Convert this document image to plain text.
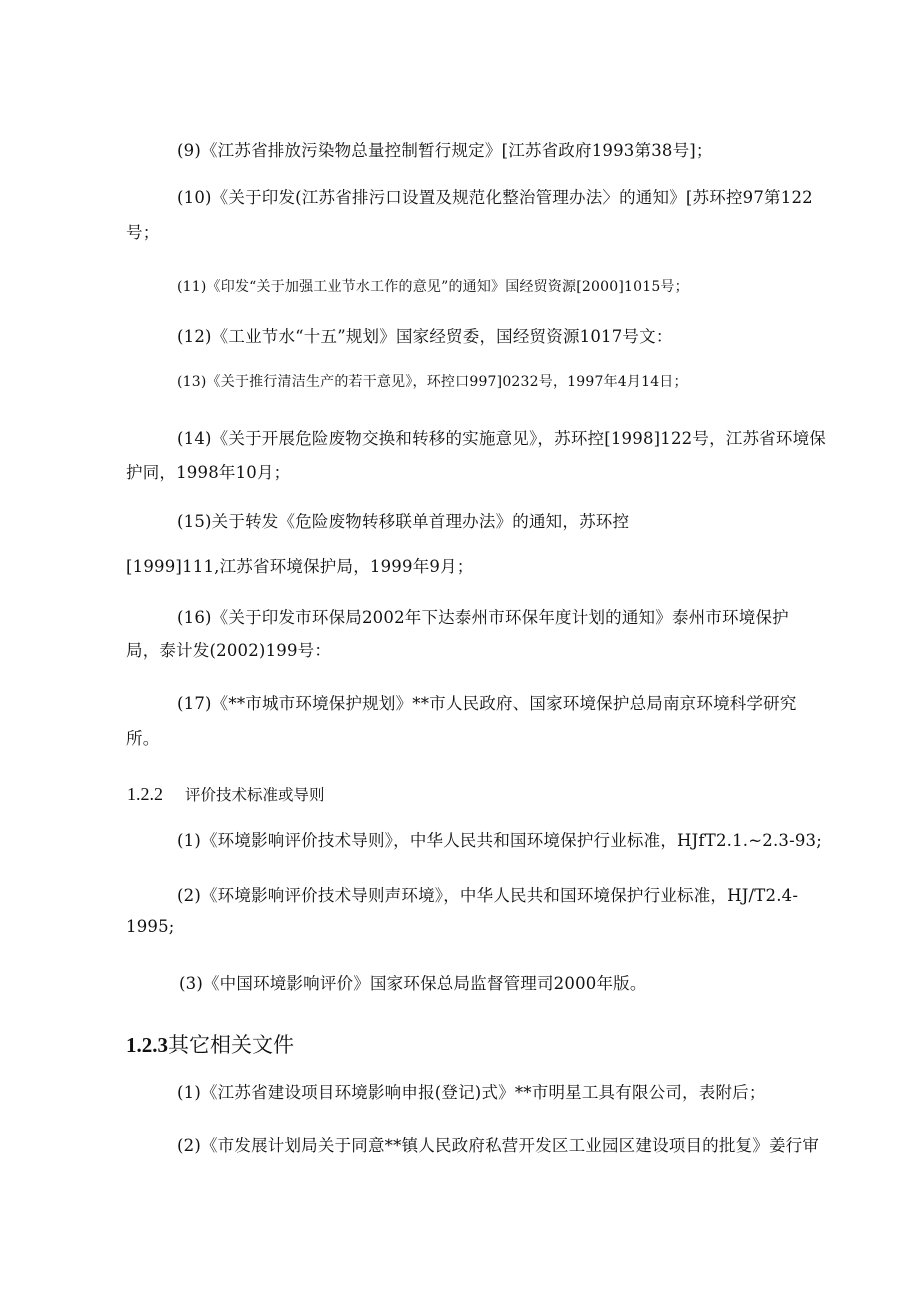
(9)《江苏省排放污染物总量控制暂行规定》[江苏省政府1993第38号]；
(10)《关于印发(江苏省排污口设置及规范化整治管理办法〉的通知》[苏环控97第122
号；
(11)《印发“关于加强工业节水工作的意见”的通知》国经贸资源[2000]1015号；
(12)《工业节水“十五”规划》国家经贸委，国经贸资源1017号文：
(13)《关于推行清洁生产的若干意见》，环控口997]0232号，1997年4月14日；
(14)《关于开展危险废物交换和转移的实施意见》，苏环控[1998]122号，江苏省环境保
护同，1998年10月；
(15)关于转发《危险废物转移联单首理办法》的通知，苏环控
[1999]111,江苏省环境保护局，1999年9月；
(16)《关于印发市环保局2002年下达泰州市环保年度计划的通知》泰州市环境保护
局，泰计发(2002)199号：
(17)《**市城市环境保护规划》**市人民政府、国家环境保护总局南京环境科学研究
所。
1.2.2 评价技术标准或导则
(1)《环境影响评价技术导则》，中华人民共和国环境保护行业标准，HJfT2.1.~2.3-93;
(2)《环境影响评价技术导则声环境》，中华人民共和国环境保护行业标准，HJ/T2.4-
1995;
(3)《中国环境影响评价》国家环保总局监督管理司2000年版。
1.2.3其它相关文件
(1)《江苏省建设项目环境影响申报(登记)式》**市明星工具有限公司，表附后；
(2)《市发展计划局关于同意**镇人民政府私营开发区工业园区建设项目的批复》姜行审
